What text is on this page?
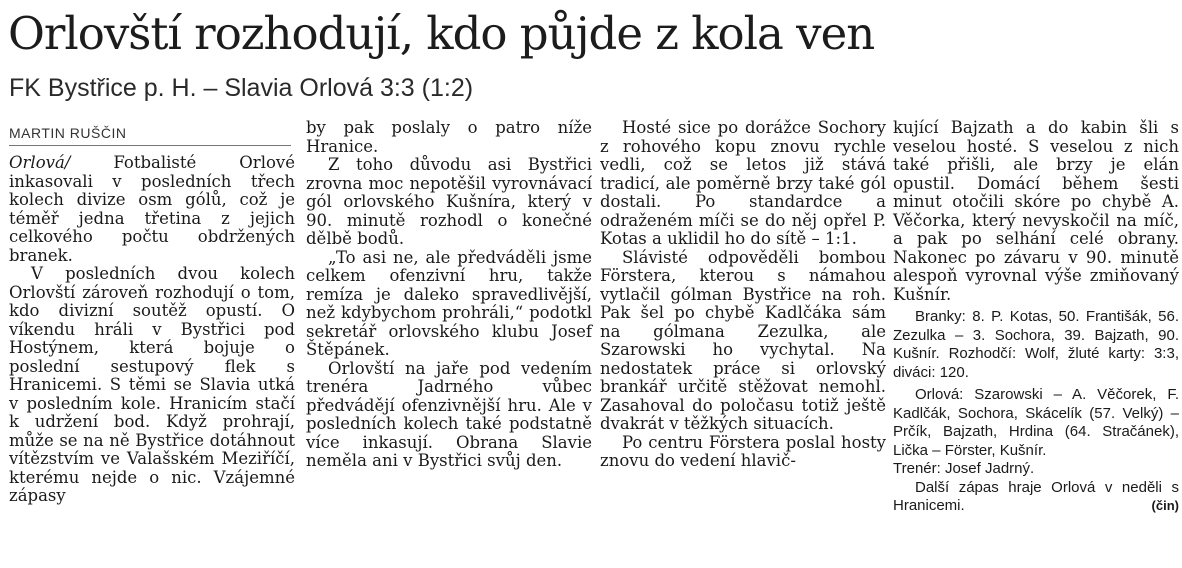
Orlovští rozhodují, kdo půjde z kola ven
FK Bystřice p. H. – Slavia Orlová 3:3 (1:2)
MARTIN RUŠČIN

Orlová/ Fotbalisté Orlové inkasovali v posledních třech kolech divize osm gólů, což je téměř jedna třetina z jejich celkového počtu obdržených branek.

V posledních dvou kolech Orlovští zároveň rozhodují o tom, kdo divizní soutěž opustí. O víkendu hráli v Bystřici pod Hostýnem, která bojuje o poslední sestupový flek s Hranicemi. S těmi se Slavia utká v posledním kole. Hranicím stačí k udržení bod. Když prohrají, může se na ně Bystřice dotáhnout vítězstvím ve Valašském Meziříčí, kterému nejde o nic. Vzájemné zápasy

by pak poslaly o patro níže Hranice.

Z toho důvodu asi Bystřici zrovna moc nepotěšil vyrovnávací gól orlovského Kušníra, který v 90. minutě rozhodl o konečné dělbě bodů.

„To asi ne, ale předváděli jsme celkem ofenzivní hru, takže remíza je daleko spravedlivější, než kdybychom prohráli,“ podotkl sekretář orlovského klubu Josef Štěpánek.

Orlovští na jaře pod vedením trenéra Jadrného vůbec předvádějí ofenzivnější hru. Ale v posledních kolech také podstatně více inkasují. Obrana Slavie neměla ani v Bystřici svůj den.

Hosté sice po dorážce Sochory z rohového kopu znovu rychle vedli, což se letos již stává tradicí, ale poměrně brzy také gól dostali. Po standardce a odraženém míči se do něj opřel P. Kotas a uklidil ho do sítě – 1:1.

Slávisté odpověděli bombou Förstera, kterou s námahou vytlačil gólman Bystřice na roh. Pak šel po chybě Kadlčáka sám na gólmana Zezulka, ale Szarowski ho vychytal. Na nedostatek práce si orlovský brankář určitě stěžovat nemohl. Zasahoval do poločasu totiž ještě dvakrát v těžkých situacích.

Po centru Förstera poslal hosty znovu do vedení hlavič-

kující Bajzath a do kabin šli s veselou hosté. S veselou z nich také přišli, ale brzy je elán opustil. Domácí během šesti minut otočili skóre po chybě A. Věčorka, který nevyskočil na míč, a pak po selhání celé obrany. Nakonec po závaru v 90. minutě alespoň vyrovnal výše zmiňovaný Kušnír.

Branky: 8. P. Kotas, 50. Františák, 56. Zezulka – 3. Sochora, 39. Bajzath, 90. Kušnír. Rozhodčí: Wolf, žluté karty: 3:3, diváci: 120.

Orlová: Szarowski – A. Věčorek, F. Kadlčák, Sochora, Skácelík (57. Velký) – Prčík, Bajzath, Hrdina (64. Stračánek), Lička – Förster, Kušnír.

Trenér: Josef Jadrný.

Další zápas hraje Orlová v neděli s Hranicemi.	(čin)
